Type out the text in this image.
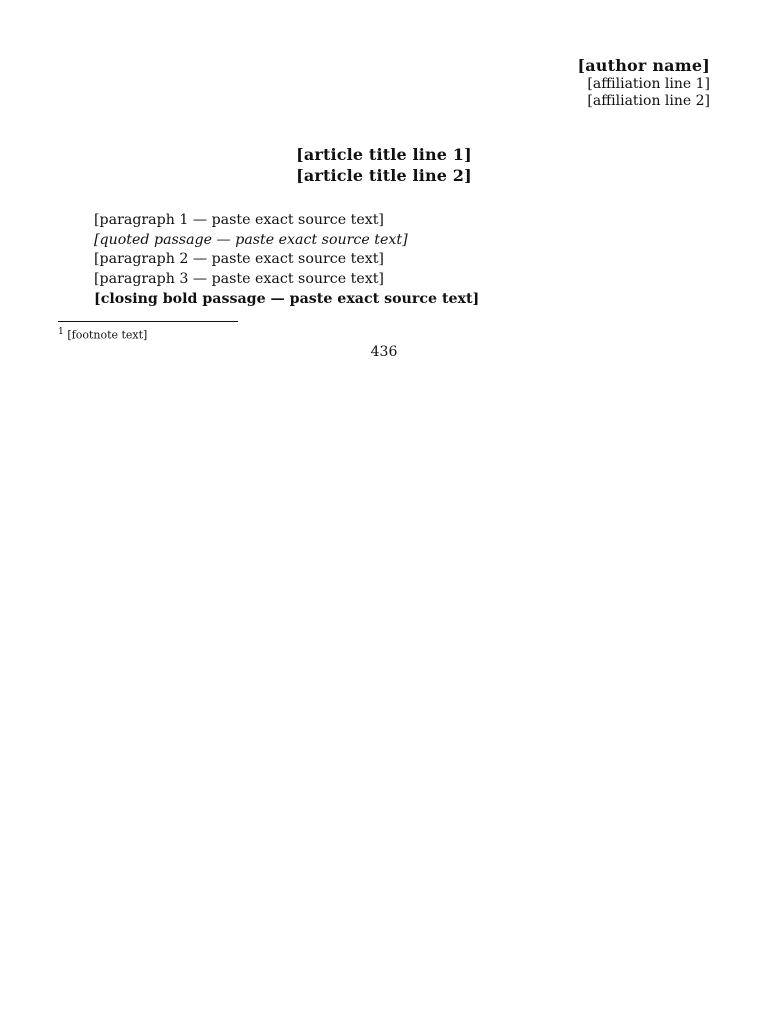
[author name]
[affiliation line 1]
[affiliation line 2]
[article title line 1]
[article title line 2]

[paragraph 1 — paste exact source text]

[quoted passage — paste exact source text]

[paragraph 2 — paste exact source text]

[paragraph 3 — paste exact source text]

[closing bold passage — paste exact source text]

$^1$ [footnote text]
436
